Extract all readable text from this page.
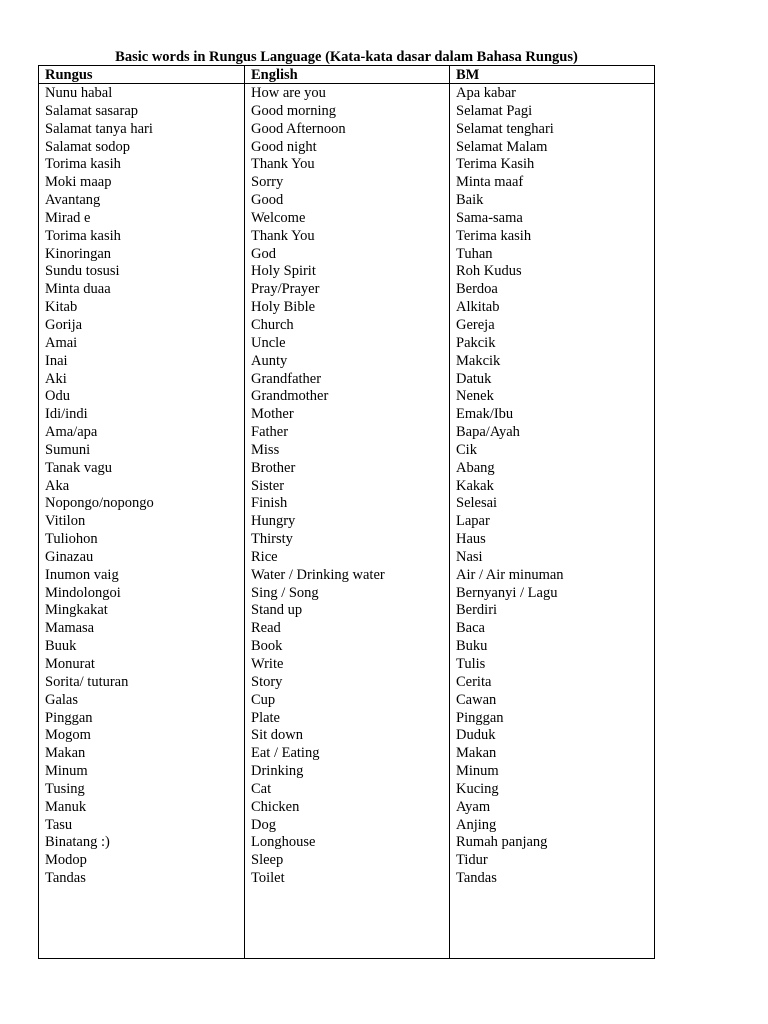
Basic words in Rungus Language (Kata-kata dasar dalam Bahasa Rungus)
Rungus	English	BM
Nunu habal	How are you	Apa kabar
Salamat sasarap	Good morning	Selamat Pagi
Salamat tanya hari	Good Afternoon	Selamat tenghari
Salamat sodop	Good night	Selamat Malam
Torima kasih	Thank You	Terima Kasih
Moki maap	Sorry	Minta maaf
Avantang	Good	Baik
Mirad e	Welcome	Sama-sama
Torima kasih	Thank You	Terima kasih
Kinoringan	God	Tuhan
Sundu tosusi	Holy Spirit	Roh Kudus
Minta duaa	Pray/Prayer	Berdoa
Kitab	Holy Bible	Alkitab
Gorija	Church	Gereja
Amai	Uncle	Pakcik
Inai	Aunty	Makcik
Aki	Grandfather	Datuk
Odu	Grandmother	Nenek
Idi/indi	Mother	Emak/Ibu
Ama/apa	Father	Bapa/Ayah
Sumuni	Miss	Cik
Tanak vagu	Brother	Abang
Aka	Sister	Kakak
Nopongo/nopongo	Finish	Selesai
Vitilon	Hungry	Lapar
Tuliohon	Thirsty	Haus
Ginazau	Rice	Nasi
Inumon vaig	Water / Drinking water	Air / Air minuman
Mindolongoi	Sing / Song	Bernyanyi / Lagu
Mingkakat	Stand up	Berdiri
Mamasa	Read	Baca
Buuk	Book	Buku
Monurat	Write	Tulis
Sorita/ tuturan	Story	Cerita
Galas	Cup	Cawan
Pinggan	Plate	Pinggan
Mogom	Sit down	Duduk
Makan	Eat / Eating	Makan
Minum	Drinking	Minum
Tusing	Cat	Kucing
Manuk	Chicken	Ayam
Tasu	Dog	Anjing
Binatang :)	Longhouse	Rumah panjang
Modop	Sleep	Tidur
Tandas	Toilet	Tandas
